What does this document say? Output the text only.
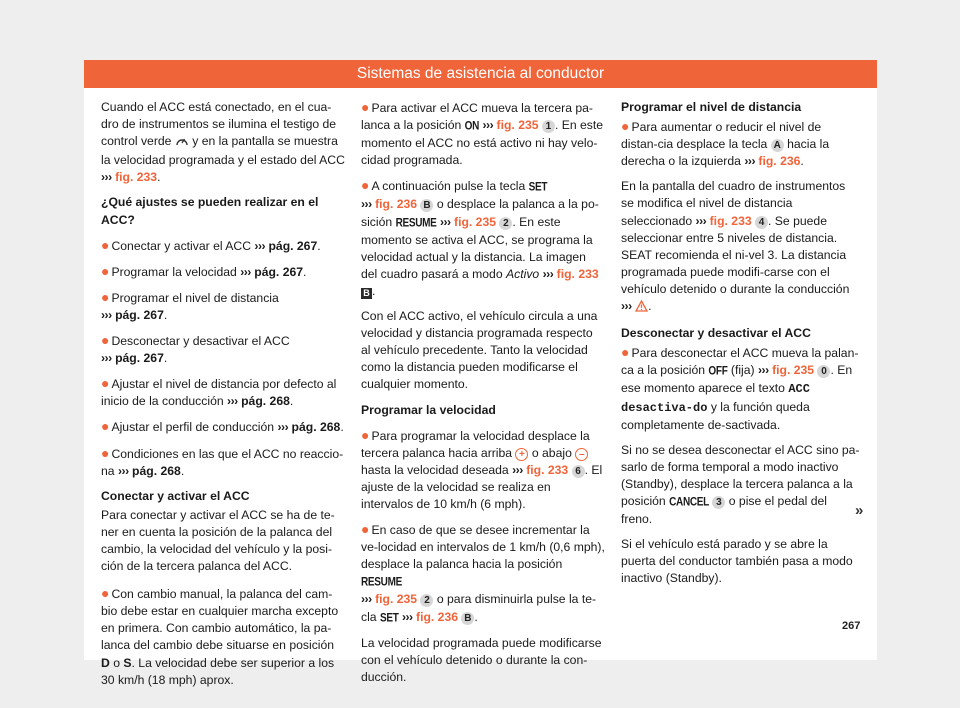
Sistemas de asistencia al conductor

Cuando el ACC está conectado, en el cua-dro de instrumentos se ilumina el testigo de control verde y en la pantalla se muestra la velocidad programada y el estado del ACC ››› fig. 233.

¿Qué ajustes se pueden realizar en el ACC?

● Conectar y activar el ACC ››› pág. 267.

● Programar la velocidad ››› pág. 267.

● Programar el nivel de distancia
››› pág. 267.

● Desconectar y desactivar el ACC
››› pág. 267.

● Ajustar el nivel de distancia por defecto al inicio de la conducción ››› pág. 268.

● Ajustar el perfil de conducción ››› pág. 268.

● Condiciones en las que el ACC no reaccio-na ››› pág. 268.

Conectar y activar el ACC

Para conectar y activar el ACC se ha de te-ner en cuenta la posición de la palanca del cambio, la velocidad del vehículo y la posi-ción de la tercera palanca del ACC.

● Con cambio manual, la palanca del cam-bio debe estar en cualquier marcha excepto en primera. Con cambio automático, la pa-lanca del cambio debe situarse en posición D o S. La velocidad debe ser superior a los 30 km/h (18 mph) aprox.

● Para activar el ACC mueva la tercera pa-lanca a la posición ON ››› fig. 235 1 . En este momento el ACC no está activo ni hay velo-cidad programada.

● A continuación pulse la tecla SET
››› fig. 236 B o desplace la palanca a la po-sición RESUME ››› fig. 235 2 . En este momento se activa el ACC, se programa la velocidad actual y la distancia. La imagen del cuadro pasará a modo Activo ››› fig. 233 B .

Con el ACC activo, el vehículo circula a una velocidad y distancia programada respecto al vehículo precedente. Tanto la velocidad como la distancia pueden modificarse el cualquier momento.

Programar la velocidad

● Para programar la velocidad desplace la tercera palanca hacia arriba + o abajo – hasta la velocidad deseada ››› fig. 233 6 . El ajuste de la velocidad se realiza en intervalos de 10 km/h (6 mph).

● En caso de que se desee incrementar la ve-locidad en intervalos de 1 km/h (0,6 mph), desplace la palanca hacia la posición RESUME
››› fig. 235 2 o para disminuirla pulse la te-cla SET ››› fig. 236 B .

La velocidad programada puede modificarse con el vehículo detenido o durante la con-ducción.

Programar el nivel de distancia

● Para aumentar o reducir el nivel de distan-cia desplace la tecla A hacia la derecha o la izquierda ››› fig. 236.

En la pantalla del cuadro de instrumentos se modifica el nivel de distancia seleccionado ››› fig. 233 4 . Se puede seleccionar entre 5 niveles de distancia. SEAT recomienda el ni-vel 3. La distancia programada puede modifi-carse con el vehículo detenido o durante la conducción ››› .

Desconectar y desactivar el ACC

● Para desconectar el ACC mueva la palan-ca a la posición OFF (fija) ››› fig. 235 0 . En ese momento aparece el texto ACC desactiva-do y la función queda completamente de-sactivada.

Si no se desea desconectar el ACC sino pa-sarlo de forma temporal a modo inactivo (Standby), desplace la tercera palanca a la posición CANCEL 3 o pise el pedal del freno.

Si el vehículo está parado y se abre la puerta del conductor también pasa a modo inactivo (Standby).

»
267
